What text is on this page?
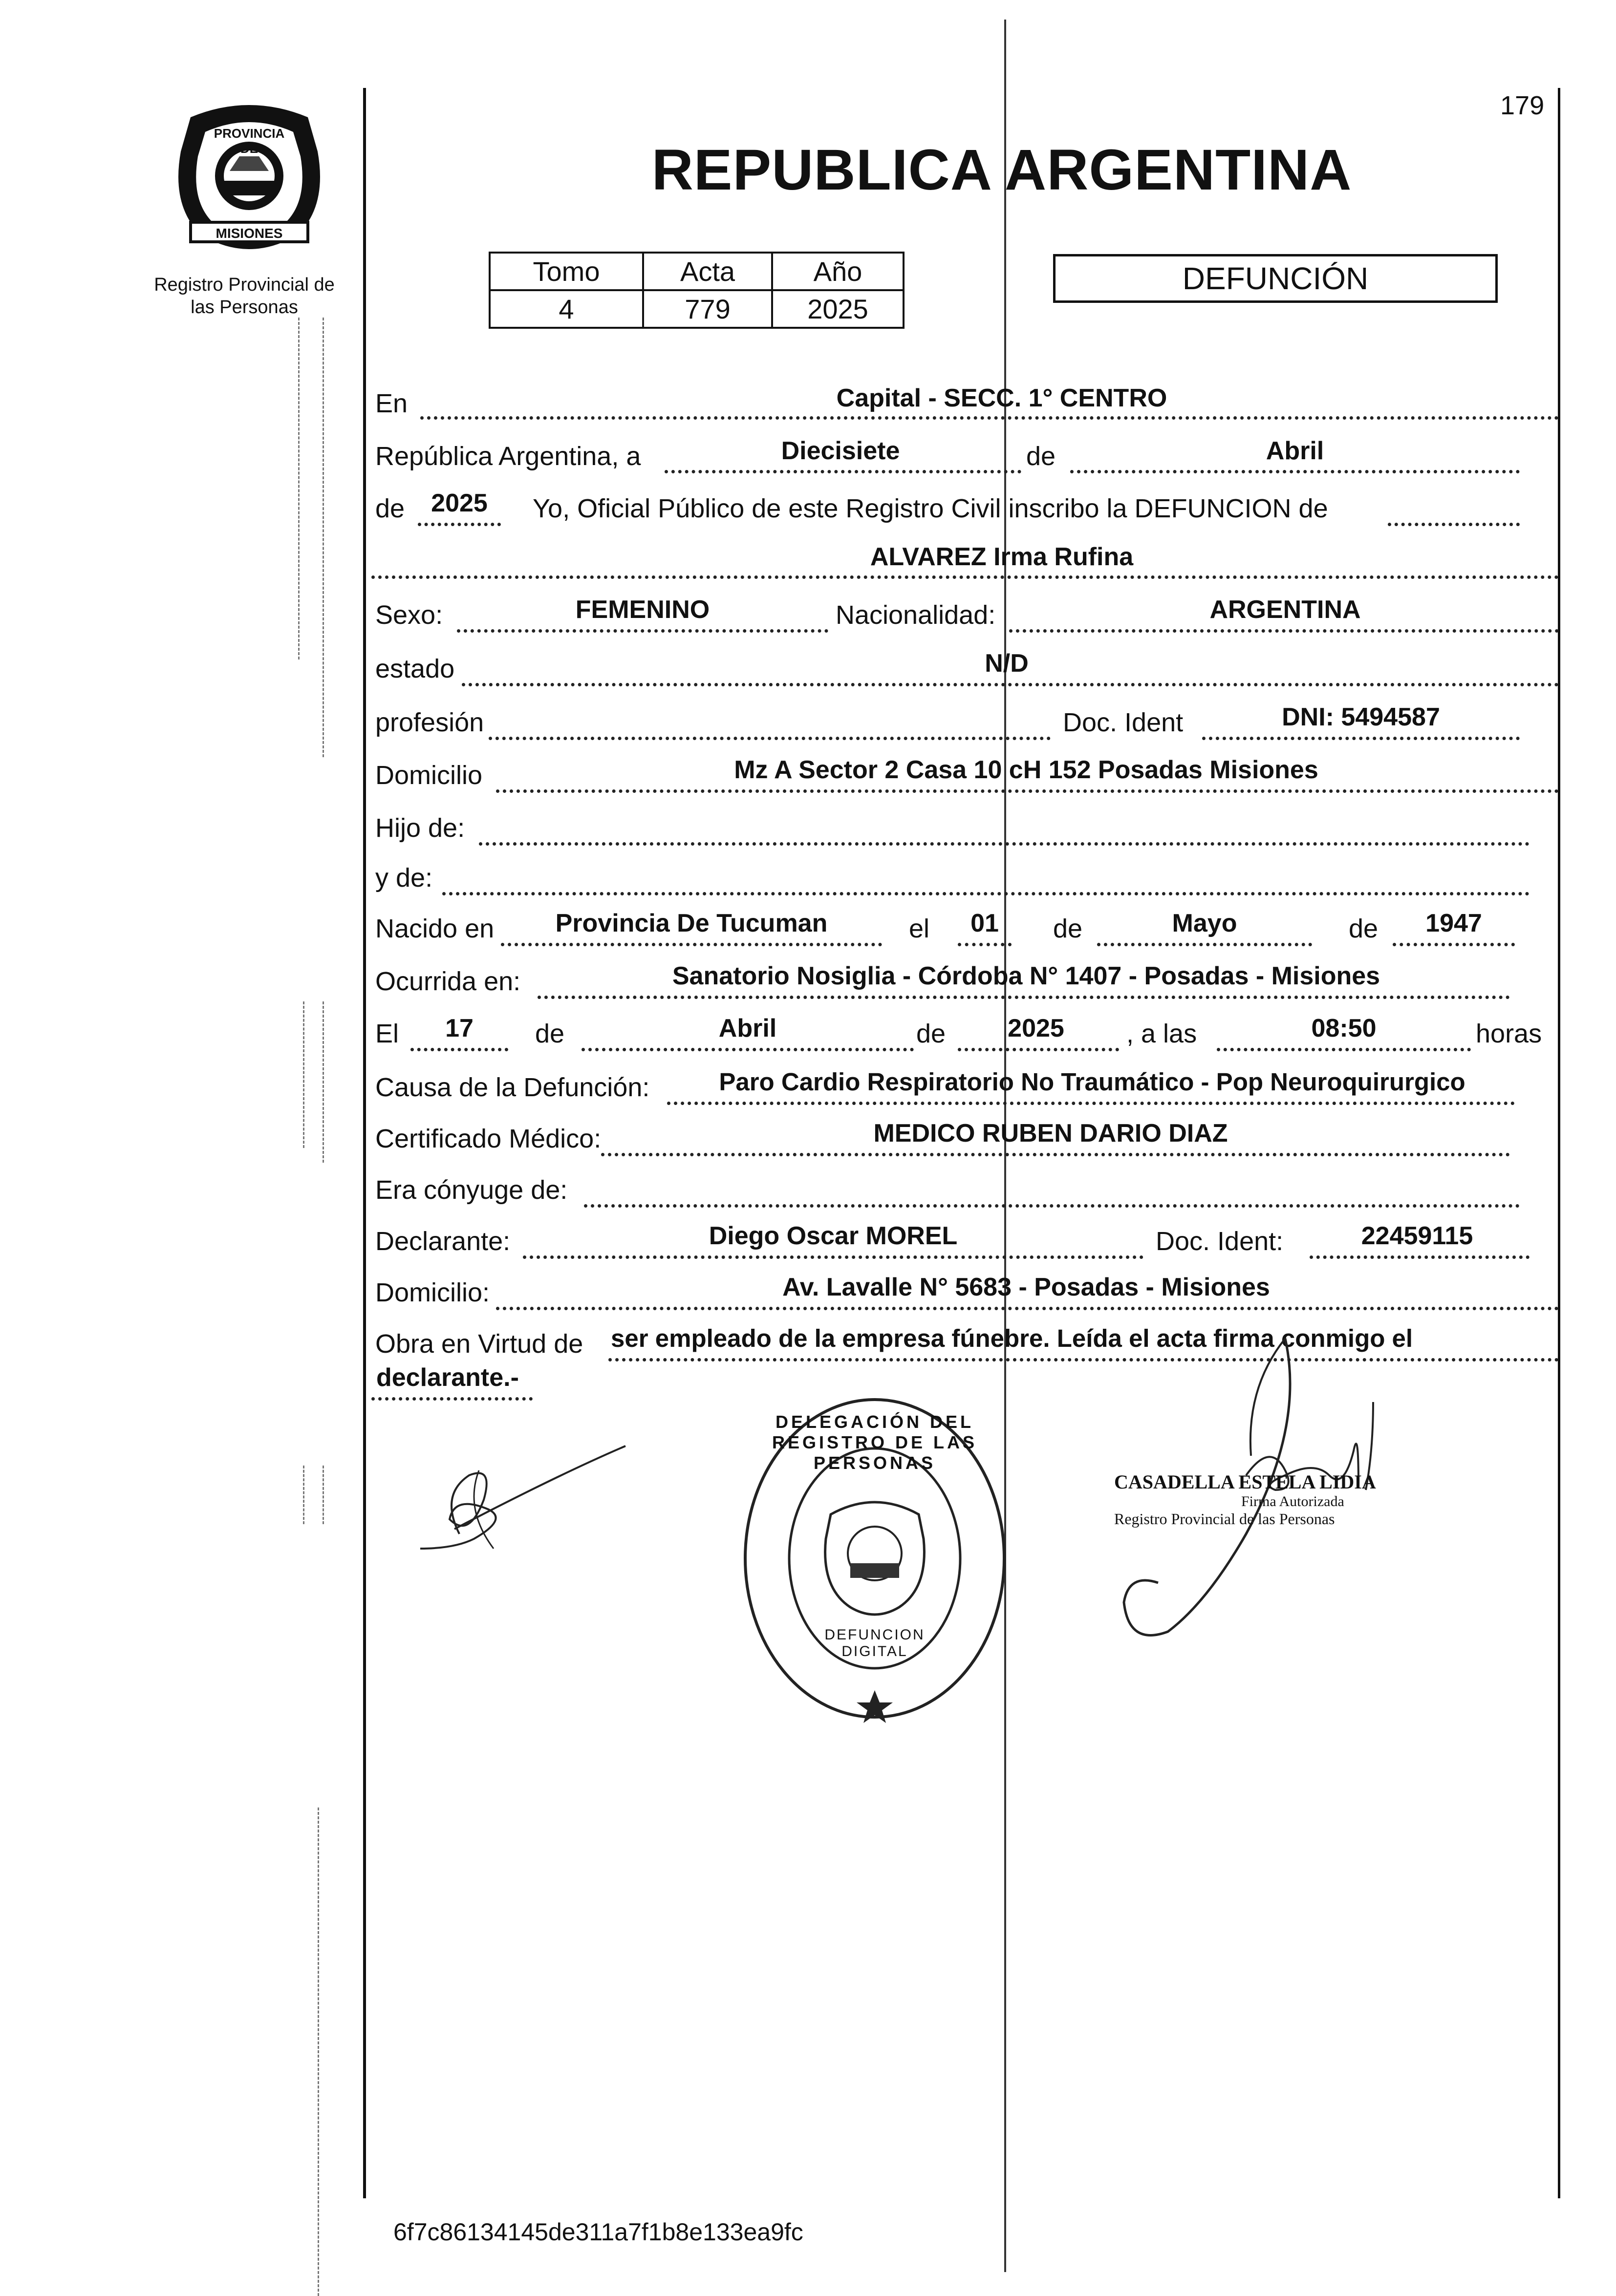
PROVINCIA DE
MISIONES
Registro Provincial de
las Personas
179
REPUBLICA ARGENTINA
Tomo	Acta	Año
4	779	2025
DEFUNCIÓN
En	Capital - SECC. 1° CENTRO
República Argentina, a	Diecisiete	de	Abril
de	2025	Yo, Oficial Público de este Registro Civil inscribo la DEFUNCION de
ALVAREZ Irma Rufina
Sexo:	FEMENINO	Nacionalidad:	ARGENTINA
estado	N/D
profesión	Doc. Ident	DNI: 5494587
Domicilio	Mz A Sector 2 Casa 10 cH 152 Posadas Misiones
Hijo de:
y de:
Nacido en	Provincia De Tucuman	el	01	de	Mayo	de	1947
Ocurrida en:	Sanatorio Nosiglia - Córdoba N° 1407 - Posadas - Misiones
El	17	de	Abril	de	2025	, a las	08:50	horas
Causa de la Defunción:	Paro Cardio Respiratorio No Traumático - Pop Neuroquirurgico
Certificado Médico:	MEDICO RUBEN DARIO DIAZ
Era cónyuge de:
Declarante:	Diego Oscar MOREL	Doc. Ident:	22459115
Domicilio:	Av. Lavalle N° 5683 - Posadas - Misiones
Obra en Virtud de ser empleado de la empresa fúnebre. Leída el acta firma conmigo el
declarante.-
DELEGACIÓN DEL REGISTRO DE LAS PERSONAS
DEFUNCION DIGITAL
CASADELLA ESTELA LIDIA
Firma Autorizada
Registro Provincial de las Personas
6f7c86134145de311a7f1b8e133ea9fc
